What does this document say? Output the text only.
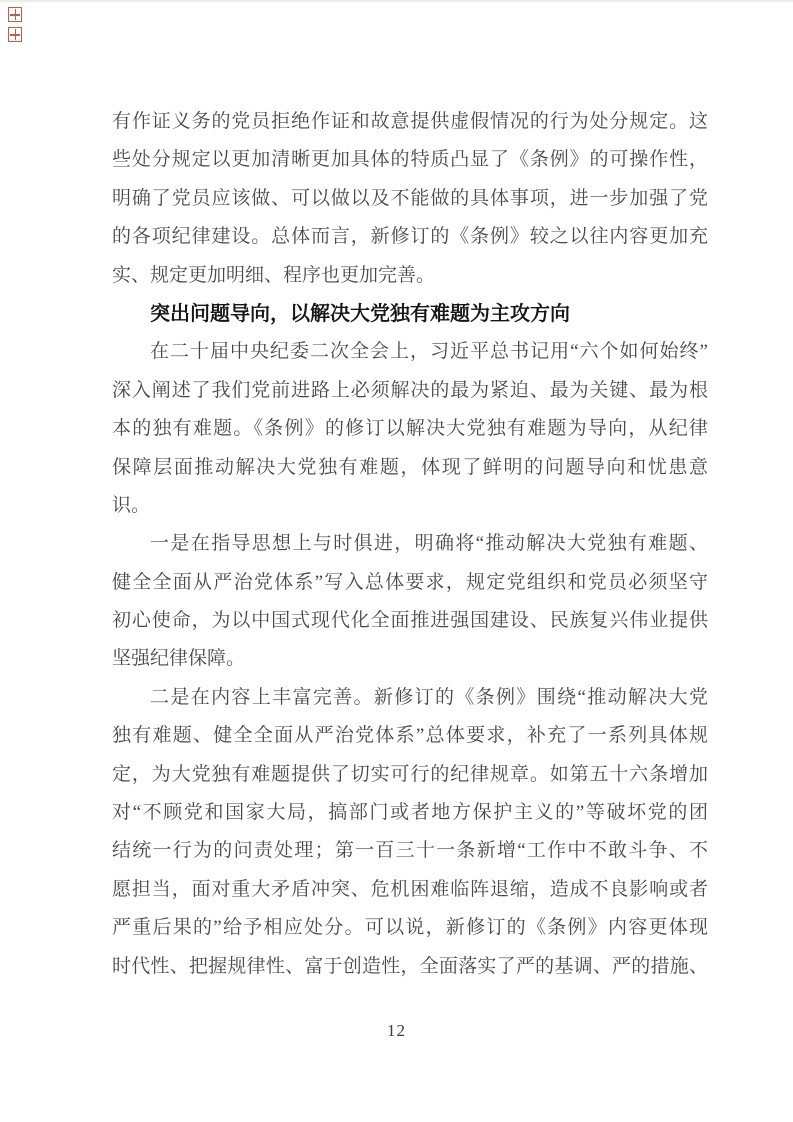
有作证义务的党员拒绝作证和故意提供虚假情况的行为处分规定。这
些处分规定以更加清晰更加具体的特质凸显了《条例》的可操作性，
明确了党员应该做、可以做以及不能做的具体事项，进一步加强了党
的各项纪律建设。总体而言，新修订的《条例》较之以往内容更加充
实、规定更加明细、程序也更加完善。
突出问题导向，以解决大党独有难题为主攻方向
在二十届中央纪委二次全会上，习近平总书记用“六个如何始终”
深入阐述了我们党前进路上必须解决的最为紧迫、最为关键、最为根
本的独有难题。《条例》的修订以解决大党独有难题为导向，从纪律
保障层面推动解决大党独有难题，体现了鲜明的问题导向和忧患意
识。
一是在指导思想上与时俱进，明确将“推动解决大党独有难题、
健全全面从严治党体系”写入总体要求，规定党组织和党员必须坚守
初心使命，为以中国式现代化全面推进强国建设、民族复兴伟业提供
坚强纪律保障。
二是在内容上丰富完善。新修订的《条例》围绕“推动解决大党
独有难题、健全全面从严治党体系”总体要求，补充了一系列具体规
定，为大党独有难题提供了切实可行的纪律规章。如第五十六条增加
对“不顾党和国家大局，搞部门或者地方保护主义的”等破坏党的团
结统一行为的问责处理；第一百三十一条新增“工作中不敢斗争、不
愿担当，面对重大矛盾冲突、危机困难临阵退缩，造成不良影响或者
严重后果的”给予相应处分。可以说，新修订的《条例》内容更体现
时代性、把握规律性、富于创造性，全面落实了严的基调、严的措施、
12
